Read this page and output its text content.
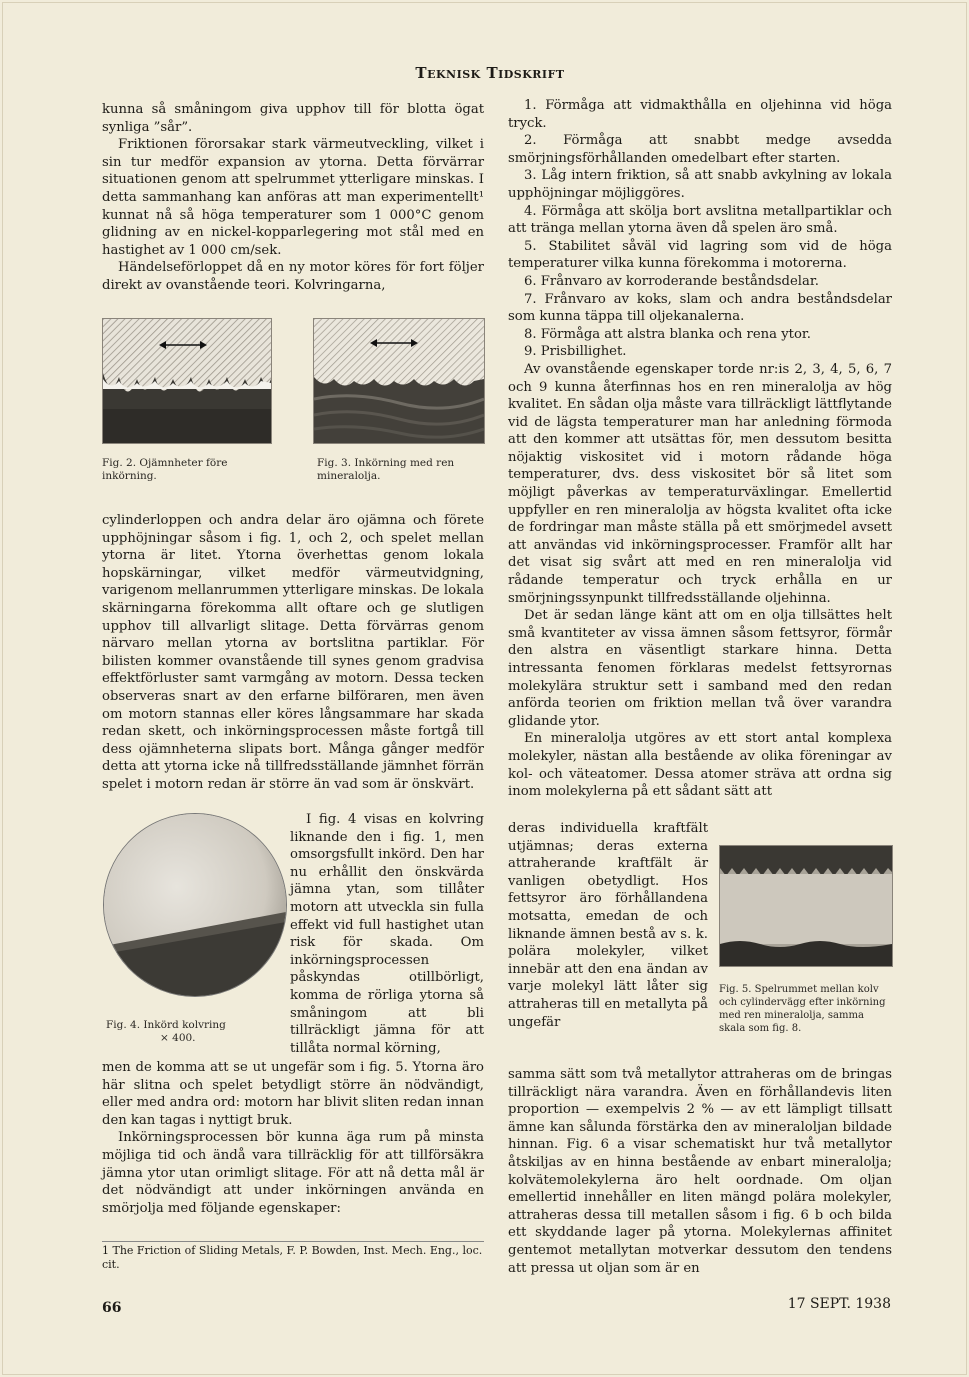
Teknisk Tidskrift

kunna så småningom giva upphov till för blotta ögat synliga ”sår”.

Friktionen förorsakar stark värmeutveckling, vilket i sin tur medför expansion av ytorna. Detta förvärrar situationen genom att spelrummet ytterligare minskas. I detta sammanhang kan anföras att man experimentellt¹ kunnat nå så höga temperaturer som 1 000°C genom glidning av en nickel-kopparlegering mot stål med en hastighet av 1 000 cm/sek.

Händelseförloppet då en ny motor köres för fort följer direkt av ovanstående teori. Kolvringarna,

Fig. 2. Ojämnheter före inkörning.
Fig. 3. Inkörning med ren mineralolja.

cylinderloppen och andra delar äro ojämna och förete upphöjningar såsom i fig. 1, och 2, och spelet mellan ytorna är litet. Ytorna överhettas genom lokala hopskärningar, vilket medför värmeutvidgning, varigenom mellanrummen ytterligare minskas. De lokala skärningarna förekomma allt oftare och ge slutligen upphov till allvarligt slitage. Detta förvärras genom närvaro mellan ytorna av bortslitna partiklar. För bilisten kommer ovanstående till synes genom gradvisa effektförluster samt varmgång av motorn. Dessa tecken observeras snart av den erfarne bilföraren, men även om motorn stannas eller köres långsammare har skada redan skett, och inkörningsprocessen måste fortgå till dess ojämnheterna slipats bort. Många gånger medför detta att ytorna icke nå tillfredsställande jämnhet förrän spelet i motorn redan är större än vad som är önskvärt.

Fig. 4. Inkörd kolvring
× 400.

I fig. 4 visas en kolvring liknande den i fig. 1, men omsorgsfullt inkörd. Den har nu erhållit den önskvärda jämna ytan, som tillåter motorn att utveckla sin fulla effekt vid full hastighet utan risk för skada. Om inkörningsprocessen påskyndas otillbörligt, komma de rörliga ytorna så småningom att bli tillräckligt jämna för att tillåta normal körning,

men de komma att se ut ungefär som i fig. 5. Ytorna äro här slitna och spelet betydligt större än nödvändigt, eller med andra ord: motorn har blivit sliten redan innan den kan tagas i nyttigt bruk.

Inkörningsprocessen bör kunna äga rum på minsta möjliga tid och ändå vara tillräcklig för att tillförsäkra jämna ytor utan orimligt slitage. För att nå detta mål är det nödvändigt att under inkörningen använda en smörjolja med följande egenskaper:

1 The Friction of Sliding Metals, F. P. Bowden, Inst. Mech. Eng., loc. cit.

1. Förmåga att vidmakthålla en oljehinna vid höga tryck.

2. Förmåga att snabbt medge avsedda smörjningsförhållanden omedelbart efter starten.

3. Låg intern friktion, så att snabb avkylning av lokala upphöjningar möjliggöres.

4. Förmåga att skölja bort avslitna metallpartiklar och att tränga mellan ytorna även då spelen äro små.

5. Stabilitet såväl vid lagring som vid de höga temperaturer vilka kunna förekomma i motorerna.

6. Frånvaro av korroderande beståndsdelar.

7. Frånvaro av koks, slam och andra beståndsdelar som kunna täppa till oljekanalerna.

8. Förmåga att alstra blanka och rena ytor.

9. Prisbillighet.

Av ovanstående egenskaper torde nr:is 2, 3, 4, 5, 6, 7 och 9 kunna återfinnas hos en ren mineralolja av hög kvalitet. En sådan olja måste vara tillräckligt lättflytande vid de lägsta temperaturer man har anledning förmoda att den kommer att utsättas för, men dessutom besitta nöjaktig viskositet vid i motorn rådande höga temperaturer, dvs. dess viskositet bör så litet som möjligt påverkas av temperaturväxlingar. Emellertid uppfyller en ren mineralolja av högsta kvalitet ofta icke de fordringar man måste ställa på ett smörjmedel avsett att användas vid inkörningsprocesser. Framför allt har det visat sig svårt att med en ren mineralolja vid rådande temperatur och tryck erhålla en ur smörjningssynpunkt tillfredsställande oljehinna.

Det är sedan länge känt att om en olja tillsättes helt små kvantiteter av vissa ämnen såsom fettsyror, förmår den alstra en väsentligt starkare hinna. Detta intressanta fenomen förklaras medelst fettsyrornas molekylära struktur sett i samband med den redan anförda teorien om friktion mellan två över varandra glidande ytor.

En mineralolja utgöres av ett stort antal komplexa molekyler, nästan alla bestående av olika föreningar av kol- och väteatomer. Dessa atomer sträva att ordna sig inom molekylerna på ett sådant sätt att

deras individuella kraftfält utjämnas; deras externa attraherande kraftfält är vanligen obetydligt. Hos fettsyror äro förhållandena motsatta, emedan de och liknande ämnen bestå av s. k. polära molekyler, vilket innebär att den ena ändan av varje molekyl lätt låter sig attraheras till en metallyta på ungefär

Fig. 5. Spelrummet mellan kolv och cylindervägg efter inkörning med ren mineralolja, samma skala som fig. 8.

samma sätt som två metallytor attraheras om de bringas tillräckligt nära varandra. Även en förhållandevis liten proportion — exempelvis 2 % — av ett lämpligt tillsatt ämne kan sålunda förstärka den av mineraloljan bildade hinnan. Fig. 6 a visar schematiskt hur två metallytor åtskiljas av en hinna bestående av enbart mineralolja; kolvätemolekylerna äro helt oordnade. Om oljan emellertid innehåller en liten mängd polära molekyler, attraheras dessa till metallen såsom i fig. 6 b och bilda ett skyddande lager på ytorna. Molekylernas affinitet gentemot metallytan motverkar dessutom den tendens att pressa ut oljan som är en

66	17 SEPT. 1938
